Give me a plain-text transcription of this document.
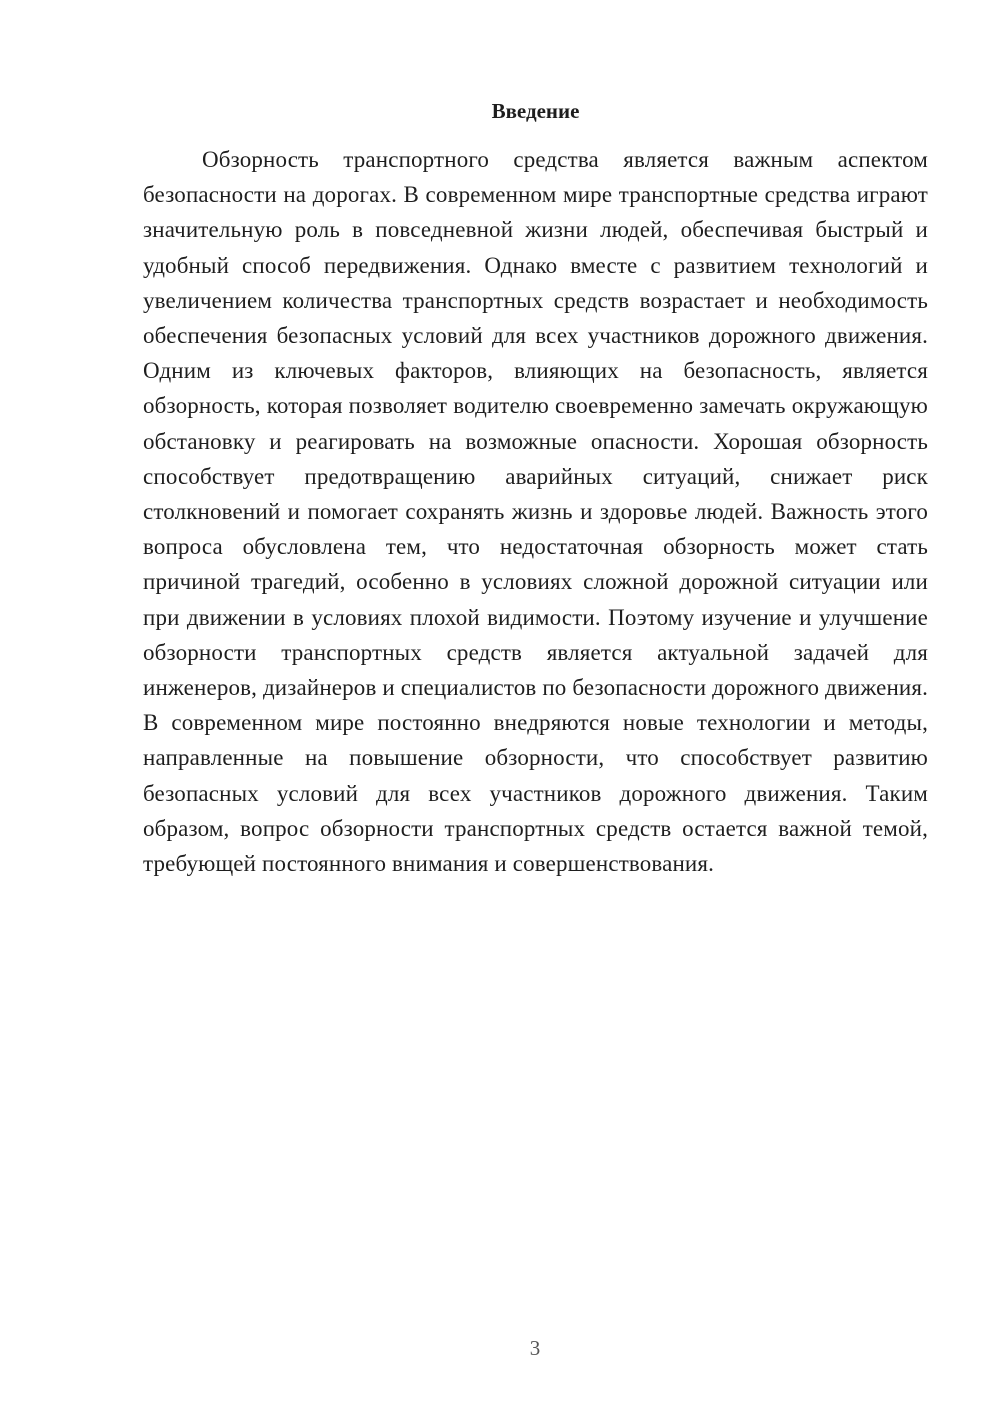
Введение

Обзорность транспортного средства является важным аспектом безопасности на дорогах. В современном мире транспортные средства играют значительную роль в повседневной жизни людей, обеспечивая быстрый и удобный способ передвижения. Однако вместе с развитием технологий и увеличением количества транспортных средств возрастает и необходимость обеспечения безопасных условий для всех участников дорожного движения. Одним из ключевых факторов, влияющих на безопасность, является обзорность, которая позволяет водителю своевременно замечать окружающую обстановку и реагировать на возможные опасности. Хорошая обзорность способствует предотвращению аварийных ситуаций, снижает риск столкновений и помогает сохранять жизнь и здоровье людей. Важность этого вопроса обусловлена тем, что недостаточная обзорность может стать причиной трагедий, особенно в условиях сложной дорожной ситуации или при движении в условиях плохой видимости. Поэтому изучение и улучшение обзорности транспортных средств является актуальной задачей для инженеров, дизайнеров и специалистов по безопасности дорожного движения. В современном мире постоянно внедряются новые технологии и методы, направленные на повышение обзорности, что способствует развитию безопасных условий для всех участников дорожного движения. Таким образом, вопрос обзорности транспортных средств остается важной темой, требующей постоянного внимания и совершенствования.

3
